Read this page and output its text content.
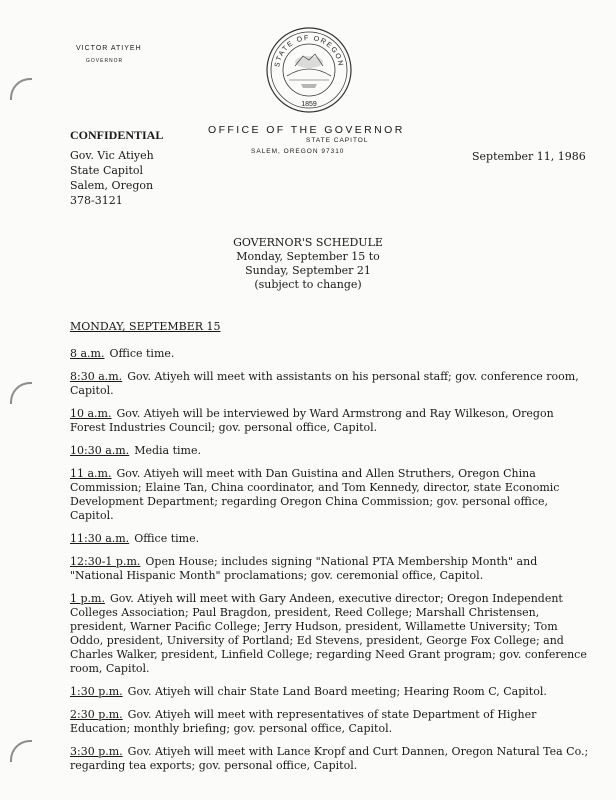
VICTOR ATIYEH
GOVERNOR	STATE OF OREGON
1859
CONFIDENTIAL	OFFICE OF THE GOVERNOR
STATE CAPITOL
SALEM, OREGON 97310
Gov. Vic Atiyeh
State Capitol
Salem, Oregon
378-3121
September 11, 1986
GOVERNOR'S SCHEDULE
Monday, September 15 to
Sunday, September 21
(subject to change)
MONDAY, SEPTEMBER 15

8 a.m. Office time.

8:30 a.m. Gov. Atiyeh will meet with assistants on his personal staff; gov. conference room, Capitol.

10 a.m. Gov. Atiyeh will be interviewed by Ward Armstrong and Ray Wilkeson, Oregon Forest Industries Council; gov. personal office, Capitol.

10:30 a.m. Media time.

11 a.m. Gov. Atiyeh will meet with Dan Guistina and Allen Struthers, Oregon China Commission; Elaine Tan, China coordinator, and Tom Kennedy, director, state Economic Development Department; regarding Oregon China Commission; gov. personal office, Capitol.

11:30 a.m. Office time.

12:30-1 p.m. Open House; includes signing "National PTA Membership Month" and "National Hispanic Month" proclamations; gov. ceremonial office, Capitol.

1 p.m. Gov. Atiyeh will meet with Gary Andeen, executive director; Oregon Independent Colleges Association; Paul Bragdon, president, Reed College; Marshall Christensen, president, Warner Pacific College; Jerry Hudson, president, Willamette University; Tom Oddo, president, University of Portland; Ed Stevens, president, George Fox College; and Charles Walker, president, Linfield College; regarding Need Grant program; gov. conference room, Capitol.

1:30 p.m. Gov. Atiyeh will chair State Land Board meeting; Hearing Room C, Capitol.

2:30 p.m. Gov. Atiyeh will meet with representatives of state Department of Higher Education; monthly briefing; gov. personal office, Capitol.

3:30 p.m. Gov. Atiyeh will meet with Lance Kropf and Curt Dannen, Oregon Natural Tea Co.; regarding tea exports; gov. personal office, Capitol.
